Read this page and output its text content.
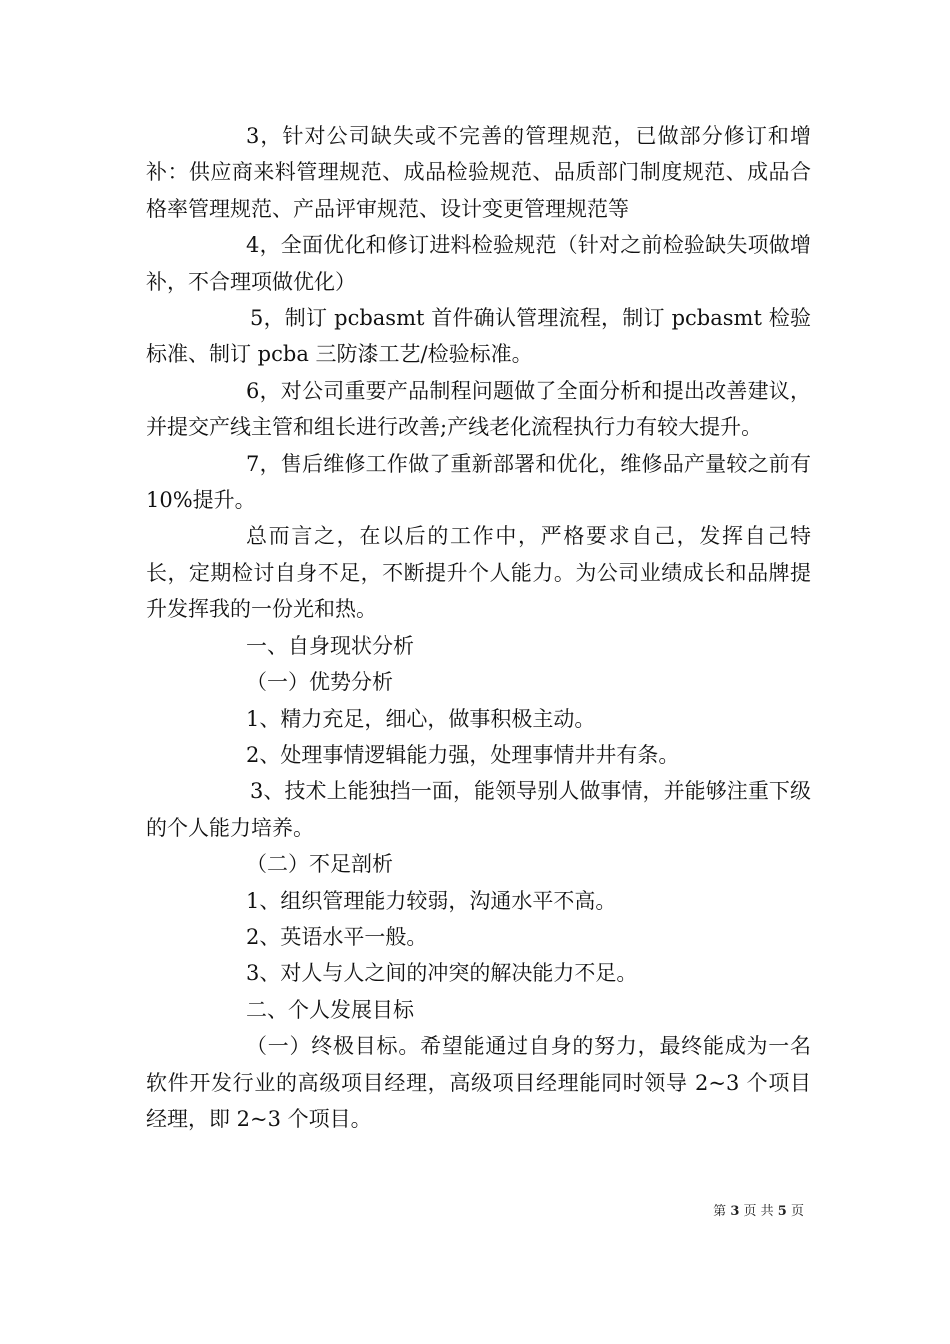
3，针对公司缺失或不完善的管理规范，已做部分修订和增补：供应商来料管理规范、成品检验规范、品质部门制度规范、成品合格率管理规范、产品评审规范、设计变更管理规范等

4，全面优化和修订进料检验规范（针对之前检验缺失项做增补，不合理项做优化）

5，制订 pcbasmt 首件确认管理流程，制订 pcbasmt 检验标准、制订 pcba 三防漆工艺/检验标准。

6，对公司重要产品制程问题做了全面分析和提出改善建议，并提交产线主管和组长进行改善;产线老化流程执行力有较大提升。

7，售后维修工作做了重新部署和优化，维修品产量较之前有 10%提升。

总而言之，在以后的工作中，严格要求自己，发挥自己特长，定期检讨自身不足，不断提升个人能力。为公司业绩成长和品牌提升发挥我的一份光和热。

一、自身现状分析

（一）优势分析

1、精力充足，细心，做事积极主动。

2、处理事情逻辑能力强，处理事情井井有条。

3、技术上能独挡一面，能领导别人做事情，并能够注重下级的个人能力培养。

（二）不足剖析

1、组织管理能力较弱，沟通水平不高。

2、英语水平一般。

3、对人与人之间的冲突的解决能力不足。

二、个人发展目标

（一）终极目标。希望能通过自身的努力，最终能成为一名软件开发行业的高级项目经理，高级项目经理能同时领导 2~3 个项目经理，即 2~3 个项目。

第 3 页 共 5 页
